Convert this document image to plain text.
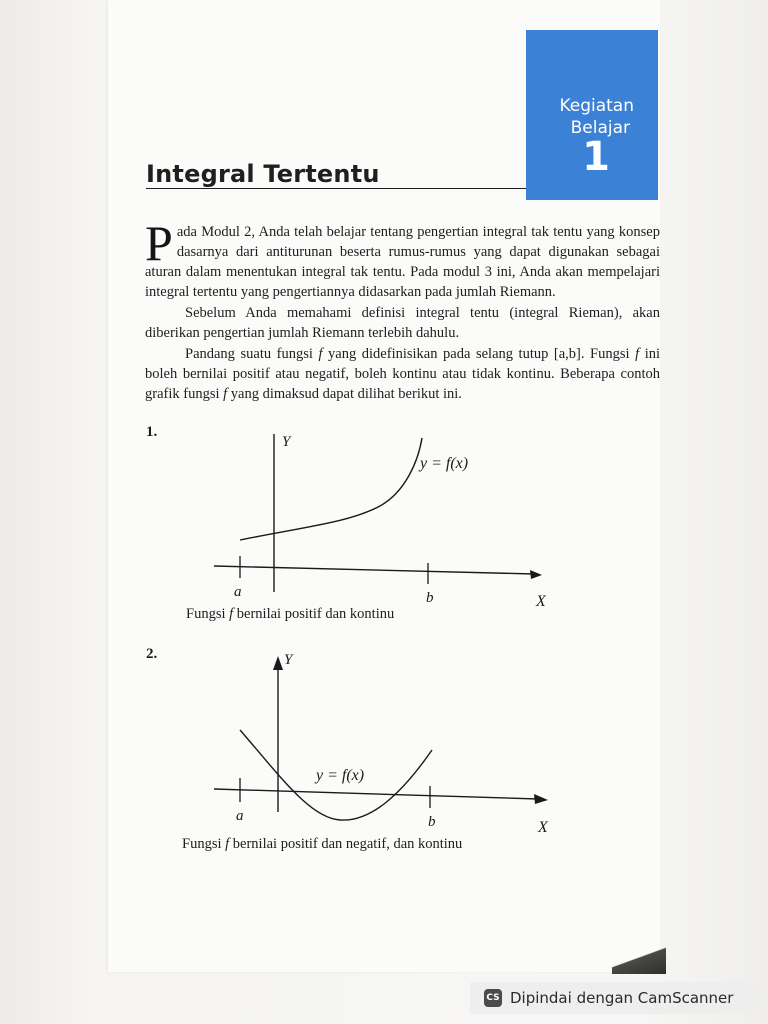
Kegiatan
Belajar
1
Integral Tertentu
Pada Modul 2, Anda telah belajar tentang pengertian integral tak tentu yang konsep dasarnya dari antiturunan beserta rumus-rumus yang dapat digunakan sebagai aturan dalam menentukan integral tak tentu. Pada modul 3 ini, Anda akan mempelajari integral tertentu yang pengertiannya didasarkan pada jumlah Riemann.
Sebelum Anda memahami definisi integral tentu (integral Rieman), akan diberikan pengertian jumlah Riemann terlebih dahulu.
Pandang suatu fungsi f yang didefinisikan pada selang tutup [a,b]. Fungsi f ini boleh bernilai positif atau negatif, boleh kontinu atau tidak kontinu. Beberapa contoh grafik fungsi f yang dimaksud dapat dilihat berikut ini.
1.
Y
y = f(x)
a	b	X
Fungsi f bernilai positif dan kontinu
2.	Y
y = f(x)
a	b	X
Fungsi f bernilai positif dan negatif, dan kontinu
CS Dipindai dengan CamScanner
